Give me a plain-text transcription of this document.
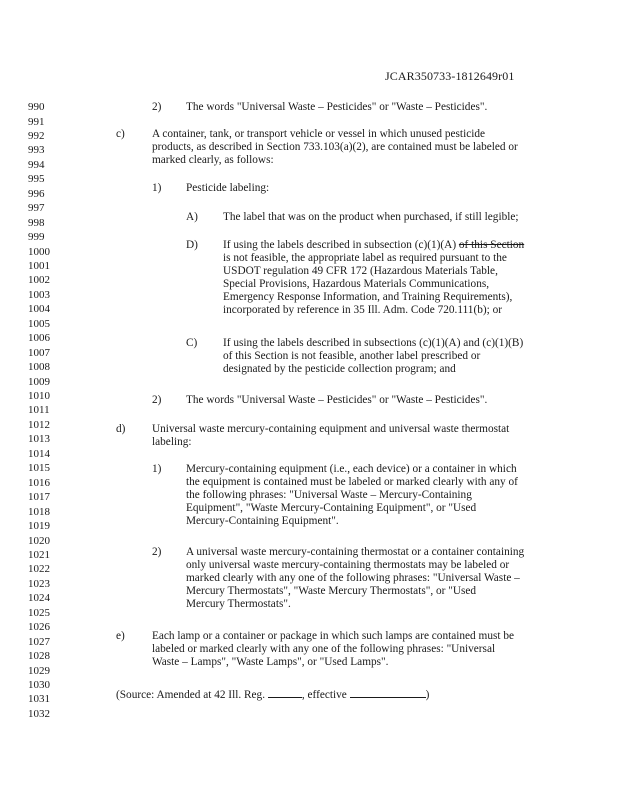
JCAR350733-1812649r01
990
991
992
993
994
995
996
997
998
999
1000
1001
1002
1003
1004
1005
1006
1007
1008
1009
1010
1011
1012
1013
1014
1015
1016
1017
1018
1019
1020
1021
1022
1023
1024
1025
1026
1027
1028
1029
1030
1031
1032
2) The words "Universal Waste – Pesticides" or "Waste – Pesticides".
c) A container, tank, or transport vehicle or vessel in which unused pesticide
products, as described in Section 733.103(a)(2), are contained must be labeled or
marked clearly, as follows:
1) Pesticide labeling:
A) The label that was on the product when purchased, if still legible;
D) If using the labels described in subsection (c)(1)(A) of this Section
is not feasible, the appropriate label as required pursuant to the
USDOT regulation 49 CFR 172 (Hazardous Materials Table,
Special Provisions, Hazardous Materials Communications,
Emergency Response Information, and Training Requirements),
incorporated by reference in 35 Ill. Adm. Code 720.111(b); or
C) If using the labels described in subsections (c)(1)(A) and (c)(1)(B)
of this Section is not feasible, another label prescribed or
designated by the pesticide collection program; and
2) The words "Universal Waste – Pesticides" or "Waste – Pesticides".
d) Universal waste mercury-containing equipment and universal waste thermostat
labeling:
1) Mercury-containing equipment (i.e., each device) or a container in which
the equipment is contained must be labeled or marked clearly with any of
the following phrases: "Universal Waste – Mercury-Containing
Equipment", "Waste Mercury-Containing Equipment", or "Used
Mercury-Containing Equipment".
2) A universal waste mercury-containing thermostat or a container containing
only universal waste mercury-containing thermostats may be labeled or
marked clearly with any one of the following phrases: "Universal Waste –
Mercury Thermostats", "Waste Mercury Thermostats", or "Used
Mercury Thermostats".
e) Each lamp or a container or package in which such lamps are contained must be
labeled or marked clearly with any one of the following phrases: "Universal
Waste – Lamps", "Waste Lamps", or "Used Lamps".
(Source: Amended at 42 Ill. Reg.	, effective	)
